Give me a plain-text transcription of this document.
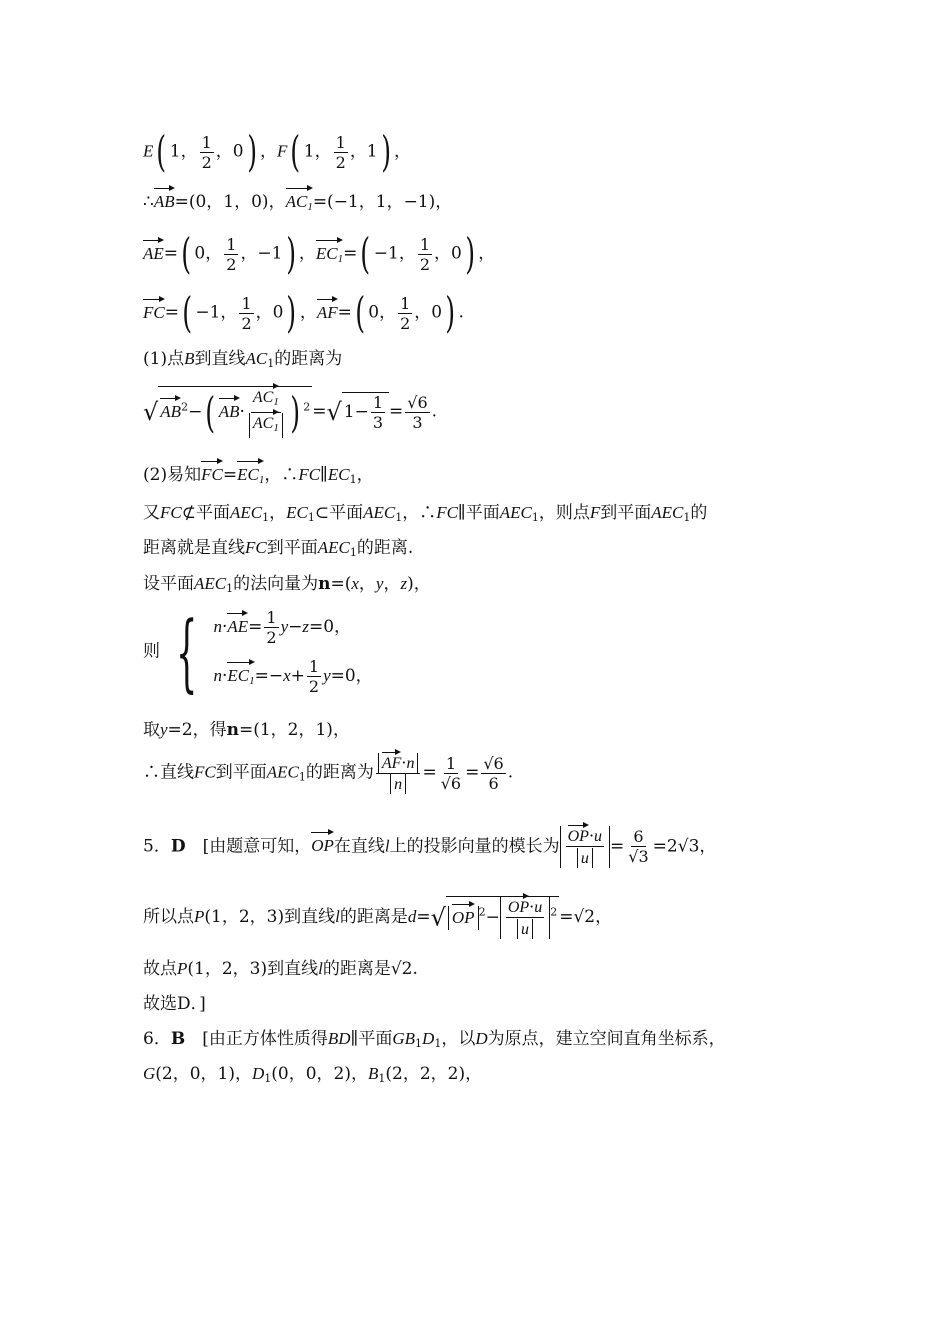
E( 1， $\frac{1}{2}$ ，0) ，F( 1， $\frac{1}{2}$ ，1) ，
∴AB=(0，1，0)，$AC_1=(-1$，1，−1)，
AE=( 0， $\frac{1}{2}$ ，−1) ，$EC_1=( -1$， $\frac{1}{2}$ ，0) ，
FC=( −1， $\frac{1}{2}$ ，0) ，AF=( 0， $\frac{1}{2}$ ，0) .
(1)点B到直线$AC_1$的距离为
√ $AB^2-$( $AB\cdot \frac{AC_1}{AC_1}$ ) $^2$ =√ $1- \frac{1}{3} = \frac{√6}{3}$ .
(2)易知$FC=EC_1$，$\therefore FC\parallel EC_1$，
又FC⊄平面$AEC_1$，$EC_1\subset$平面$AEC_1$，∴FC∥平面$AEC_1$，则点F到平面$AEC_1$的
距离就是直线FC到平面$AEC_1$的距离.
设平面$AEC_1$的法向量为n=(x，y，z)，
则 { $n\cdot AE= \frac{1}{2} y-z=0$，
$n\cdot EC_1=-x+ \frac{1}{2} y=0$，
取y=2，得n=(1，2，1)，
∴直线FC到平面$AEC_1$的距离为 $\frac{AF\cdot n}{n} = \frac{1}{√6} = \frac{√6}{6}$ .
5．D　[由题意可知，OP在直线l上的投影向量的模长为 $\frac{OP\cdot u}{u} = \frac{6}{√3} =2√3$，
所以点P(1，2，3)到直线l的距离是d=√ OP $^2- \frac{OP\cdot u}{u} ^2 =√2$，
故点P(1，2，3)到直线l的距离是√2.
故选D．]
6．B　[由正方体性质得BD∥平面$GB_1D_1$，以D为原点，建立空间直角坐标系，
G(2，0，1)，$D_1(0$，0，2)，$B_1(2$，2，2)，
